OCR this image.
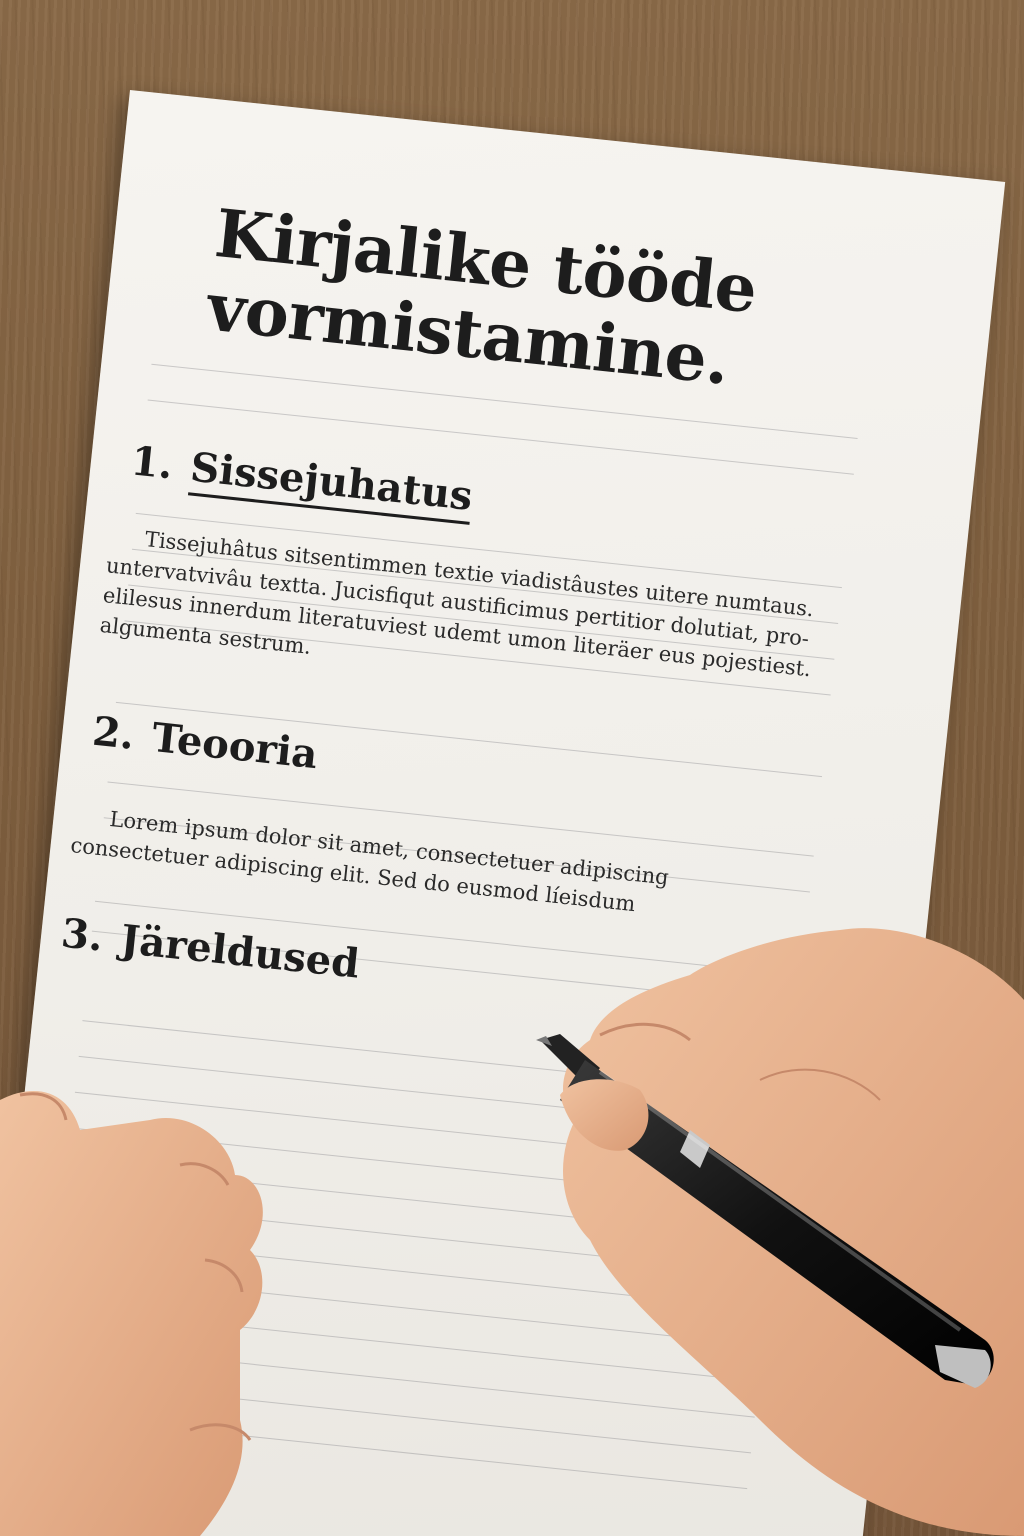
Kirjalike tööde vormistamine.
1. Sissejuhatus

Tissejuhâtus sitsentimmen textie viadistâustes uitere numtaus. untervatvivâu textta. Jucisfiqut austificimus pertitior dolutiat, pro-elilesus innerdum literatuviest udemt umon literäer eus pojestiest. algumenta sestrum.

2. Teooria

Lorem ipsum dolor sit amet, consectetuer adipiscing consectetuer adipiscing elit. Sed do eusmod líeisdum

3. Järeldused
